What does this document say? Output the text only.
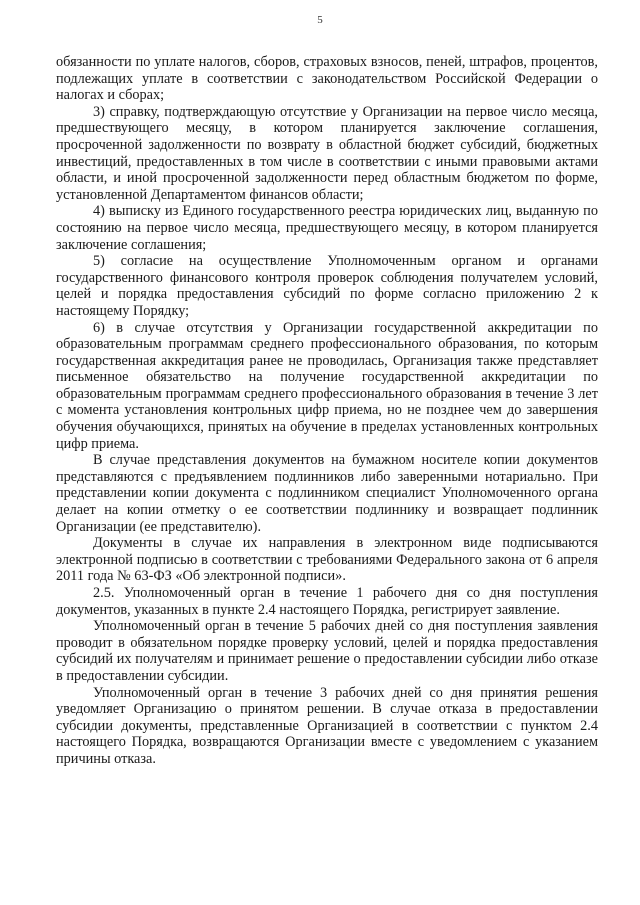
5

обязанности по уплате налогов, сборов, страховых взносов, пеней, штрафов, процентов, подлежащих уплате в соответствии с законодательством Российской Федерации о налогах и сборах;

3) справку, подтверждающую отсутствие у Организации на первое число месяца, предшествующего месяцу, в котором планируется заключение соглашения, просроченной задолженности по возврату в областной бюджет субсидий, бюджетных инвестиций, предоставленных в том числе в соответствии с иными правовыми актами области, и иной просроченной задолженности перед областным бюджетом по форме, установленной Департаментом финансов области;

4) выписку из Единого государственного реестра юридических лиц, выданную по состоянию на первое число месяца, предшествующего месяцу, в котором планируется заключение соглашения;

5) согласие на осуществление Уполномоченным органом и органами государственного финансового контроля проверок соблюдения получателем условий, целей и порядка предоставления субсидий по форме согласно приложению 2 к настоящему Порядку;

6) в случае отсутствия у Организации государственной аккредитации по образовательным программам среднего профессионального образования, по которым государственная аккредитация ранее не проводилась, Организация также представляет письменное обязательство на получение государственной аккредитации по образовательным программам среднего профессионального образования в течение 3 лет с момента установления контрольных цифр приема, но не позднее чем до завершения обучения обучающихся, принятых на обучение в пределах установленных контрольных цифр приема.

В случае представления документов на бумажном носителе копии документов представляются с предъявлением подлинников либо заверенными нотариально. При представлении копии документа с подлинником специалист Уполномоченного органа делает на копии отметку о ее соответствии подлиннику и возвращает подлинник Организации (ее представителю).

Документы в случае их направления в электронном виде подписываются электронной подписью в соответствии с требованиями Федерального закона от 6 апреля 2011 года № 63-ФЗ «Об электронной подписи».

2.5. Уполномоченный орган в течение 1 рабочего дня со дня поступления документов, указанных в пункте 2.4 настоящего Порядка, регистрирует заявление.

Уполномоченный орган в течение 5 рабочих дней со дня поступления заявления проводит в обязательном порядке проверку условий, целей и порядка предоставления субсидий их получателям и принимает решение о предоставлении субсидии либо отказе в предоставлении субсидии.

Уполномоченный орган в течение 3 рабочих дней со дня принятия решения уведомляет Организацию о принятом решении. В случае отказа в предоставлении субсидии документы, представленные Организацией в соответствии с пунктом 2.4 настоящего Порядка, возвращаются Организации вместе с уведомлением с указанием причины отказа.
